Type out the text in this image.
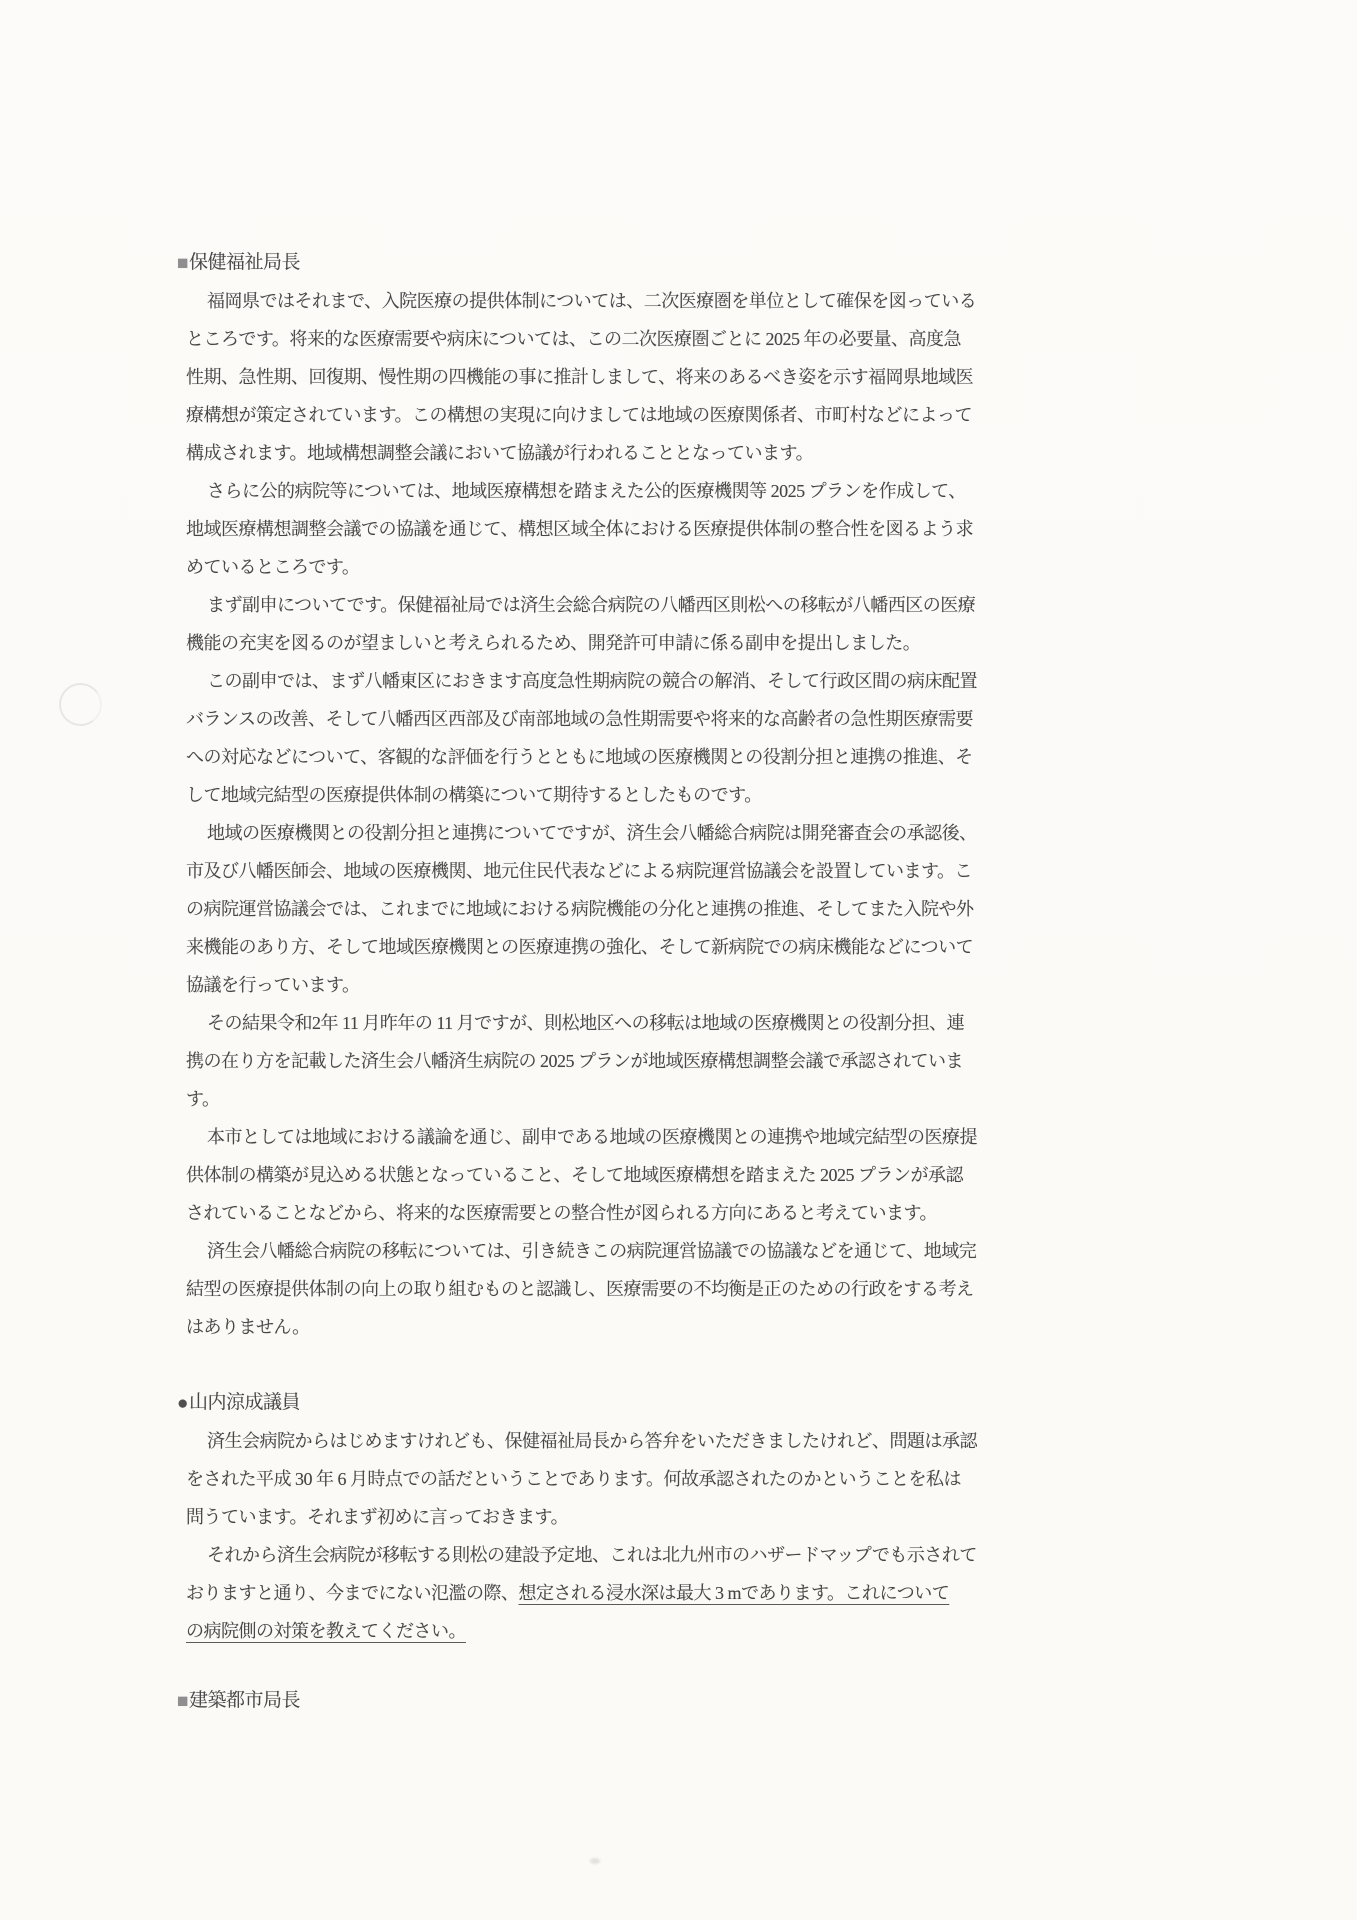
■保健福祉局長
福岡県ではそれまで、入院医療の提供体制については、二次医療圏を単位として確保を図っている
ところです。将来的な医療需要や病床については、この二次医療圏ごとに 2025 年の必要量、高度急
性期、急性期、回復期、慢性期の四機能の事に推計しまして、将来のあるべき姿を示す福岡県地域医
療構想が策定されています。この構想の実現に向けましては地域の医療関係者、市町村などによって
構成されます。地域構想調整会議において協議が行われることとなっています。
さらに公的病院等については、地域医療構想を踏まえた公的医療機関等 2025 プランを作成して、
地域医療構想調整会議での協議を通じて、構想区域全体における医療提供体制の整合性を図るよう求
めているところです。
まず副申についてです。保健福祉局では済生会総合病院の八幡西区則松への移転が八幡西区の医療
機能の充実を図るのが望ましいと考えられるため、開発許可申請に係る副申を提出しました。
この副申では、まず八幡東区におきます高度急性期病院の競合の解消、そして行政区間の病床配置
バランスの改善、そして八幡西区西部及び南部地域の急性期需要や将来的な高齢者の急性期医療需要
への対応などについて、客観的な評価を行うとともに地域の医療機関との役割分担と連携の推進、そ
して地域完結型の医療提供体制の構築について期待するとしたものです。
地域の医療機関との役割分担と連携についてですが、済生会八幡総合病院は開発審査会の承認後、
市及び八幡医師会、地域の医療機関、地元住民代表などによる病院運営協議会を設置しています。こ
の病院運営協議会では、これまでに地域における病院機能の分化と連携の推進、そしてまた入院や外
来機能のあり方、そして地域医療機関との医療連携の強化、そして新病院での病床機能などについて
協議を行っています。
その結果令和2年 11 月昨年の 11 月ですが、則松地区への移転は地域の医療機関との役割分担、連
携の在り方を記載した済生会八幡済生病院の 2025 プランが地域医療構想調整会議で承認されていま
す。
本市としては地域における議論を通じ、副申である地域の医療機関との連携や地域完結型の医療提
供体制の構築が見込める状態となっていること、そして地域医療構想を踏まえた 2025 プランが承認
されていることなどから、将来的な医療需要との整合性が図られる方向にあると考えています。
済生会八幡総合病院の移転については、引き続きこの病院運営協議での協議などを通じて、地域完
結型の医療提供体制の向上の取り組むものと認識し、医療需要の不均衡是正のための行政をする考え
はありません。
●山内涼成議員
済生会病院からはじめますけれども、保健福祉局長から答弁をいただきましたけれど、問題は承認
をされた平成 30 年 6 月時点での話だということであります。何故承認されたのかということを私は
問うています。それまず初めに言っておきます。
それから済生会病院が移転する則松の建設予定地、これは北九州市のハザードマップでも示されて
おりますと通り、今までにない氾濫の際、想定される浸水深は最大 3 mであります。これについて
の病院側の対策を教えてください。
■建築都市局長
